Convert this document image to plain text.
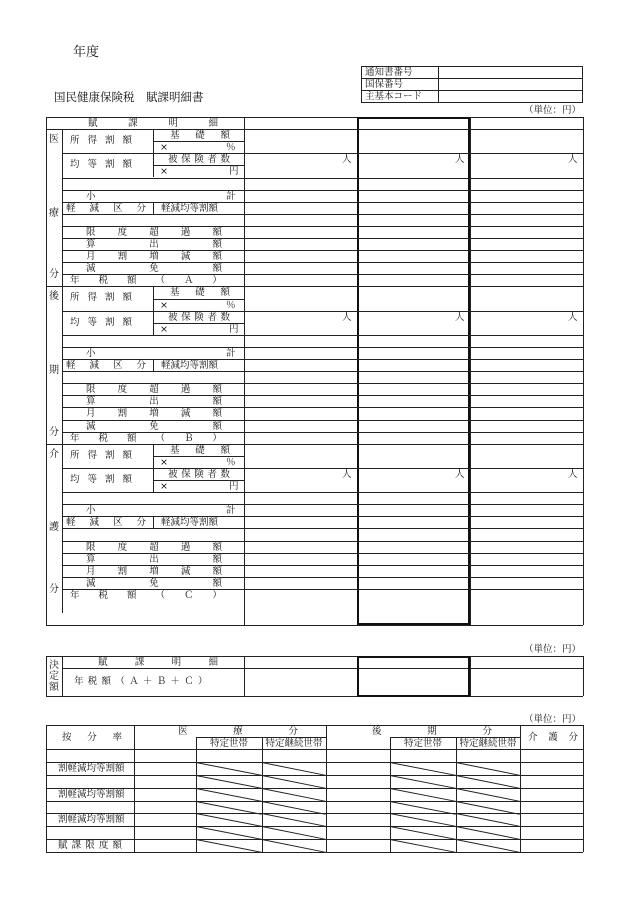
年度
国民健康保険税　賦課明細書
通知書番号	
国保番号	
主基本コード	
（単位：円）
賦	課	明	細
医
療
分
所 得 割 額	基 礎 額
×	％
均 等 割 額	被 保 険 者 数
×	円
人	人	人
小	計
軽 減 区 分 軽減均等割額
限 度 超 過 額
算	出	額
月 割 増 減 額
減	免	額
年 税 額 （ Ａ ）
後
期
分
所 得 割 額	基 礎 額
×	％
均 等 割 額	被 保 険 者 数
×	円
人	人	人
小	計
軽 減 区 分 軽減均等割額
限 度 超 過 額
算	出	額
月 割 増 減 額
減	免	額
年 税 額 （ Ｂ ）
介
護
分
所 得 割 額	基 礎 額
×	％
均 等 割 額	被 保 険 者 数
×	円
人	人	人
小	計
軽 減 区 分 軽減均等割額
限 度 超 過 額
算	出	額
月 割 増 減 額
減	免	額
年 税 額 （ Ｃ ）
決
定
額
賦	課	明	細
年税額（Ａ＋Ｂ＋Ｃ）
（単位：円）
（単位：円）
按 分 率
医	療	分	後	期	分
介 護 分
特定世帯	特定継続世帯	特定世帯	特定継続世帯
割軽減均等割額
割軽減均等割額
割軽減均等割額
賦 課 限 度 額
